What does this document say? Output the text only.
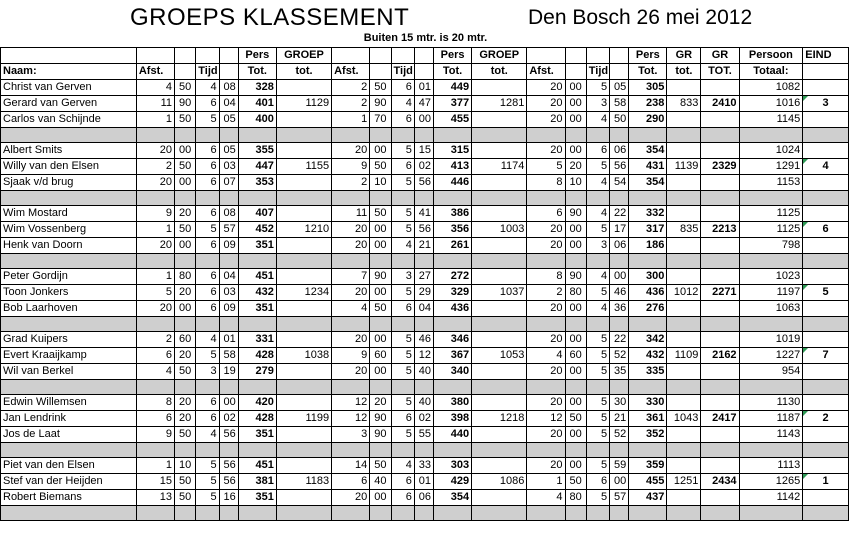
GROEPS KLASSEMENT	Den Bosch 26 mei 2012
Buiten 15 mtr. is 20 mtr.
					Pers	GROEP					Pers	GROEP					Pers	GR	GR	Persoon	EIND
Naam:	Afst.		Tijd		Tot.	tot.	Afst.		Tijd		Tot.	tot.	Afst.		Tijd		Tot.	tot.	TOT.	Totaal:	
Christ van Gerven	4	50	4	08	328		2	50	6	01	449		20	00	5	05	305			1082	
Gerard van Gerven	11	90	6	04	401	1129	2	90	4	47	377	1281	20	00	3	58	238	833	2410	1016	3
Carlos van Schijnde	1	50	5	05	400		1	70	6	00	455		20	00	4	50	290			1145	

Albert Smits	20	00	6	05	355		20	00	5	15	315		20	00	6	06	354			1024	
Willy van den Elsen	2	50	6	03	447	1155	9	50	6	02	413	1174	5	20	5	56	431	1139	2329	1291	4
Sjaak v/d brug	20	00	6	07	353		2	10	5	56	446		8	10	4	54	354			1153	

Wim Mostard	9	20	6	08	407		11	50	5	41	386		6	90	4	22	332			1125	
Wim Vossenberg	1	50	5	57	452	1210	20	00	5	56	356	1003	20	00	5	17	317	835	2213	1125	6
Henk van Doorn	20	00	6	09	351		20	00	4	21	261		20	00	3	06	186			798	

Peter Gordijn	1	80	6	04	451		7	90	3	27	272		8	90	4	00	300			1023	
Toon Jonkers	5	20	6	03	432	1234	20	00	5	29	329	1037	2	80	5	46	436	1012	2271	1197	5
Bob Laarhoven	20	00	6	09	351		4	50	6	04	436		20	00	4	36	276			1063	

Grad Kuipers	2	60	4	01	331		20	00	5	46	346		20	00	5	22	342			1019	
Evert Kraaijkamp	6	20	5	58	428	1038	9	60	5	12	367	1053	4	60	5	52	432	1109	2162	1227	7
Wil van Berkel	4	50	3	19	279		20	00	5	40	340		20	00	5	35	335			954	

Edwin Willemsen	8	20	6	00	420		12	20	5	40	380		20	00	5	30	330			1130	
Jan Lendrink	6	20	6	02	428	1199	12	90	6	02	398	1218	12	50	5	21	361	1043	2417	1187	2
Jos de Laat	9	50	4	56	351		3	90	5	55	440		20	00	5	52	352			1143	

Piet van den Elsen	1	10	5	56	451		14	50	4	33	303		20	00	5	59	359			1113	
Stef van der Heijden	15	50	5	56	381	1183	6	40	6	01	429	1086	1	50	6	00	455	1251	2434	1265	1
Robert Biemans	13	50	5	16	351		20	00	6	06	354		4	80	5	57	437			1142	
